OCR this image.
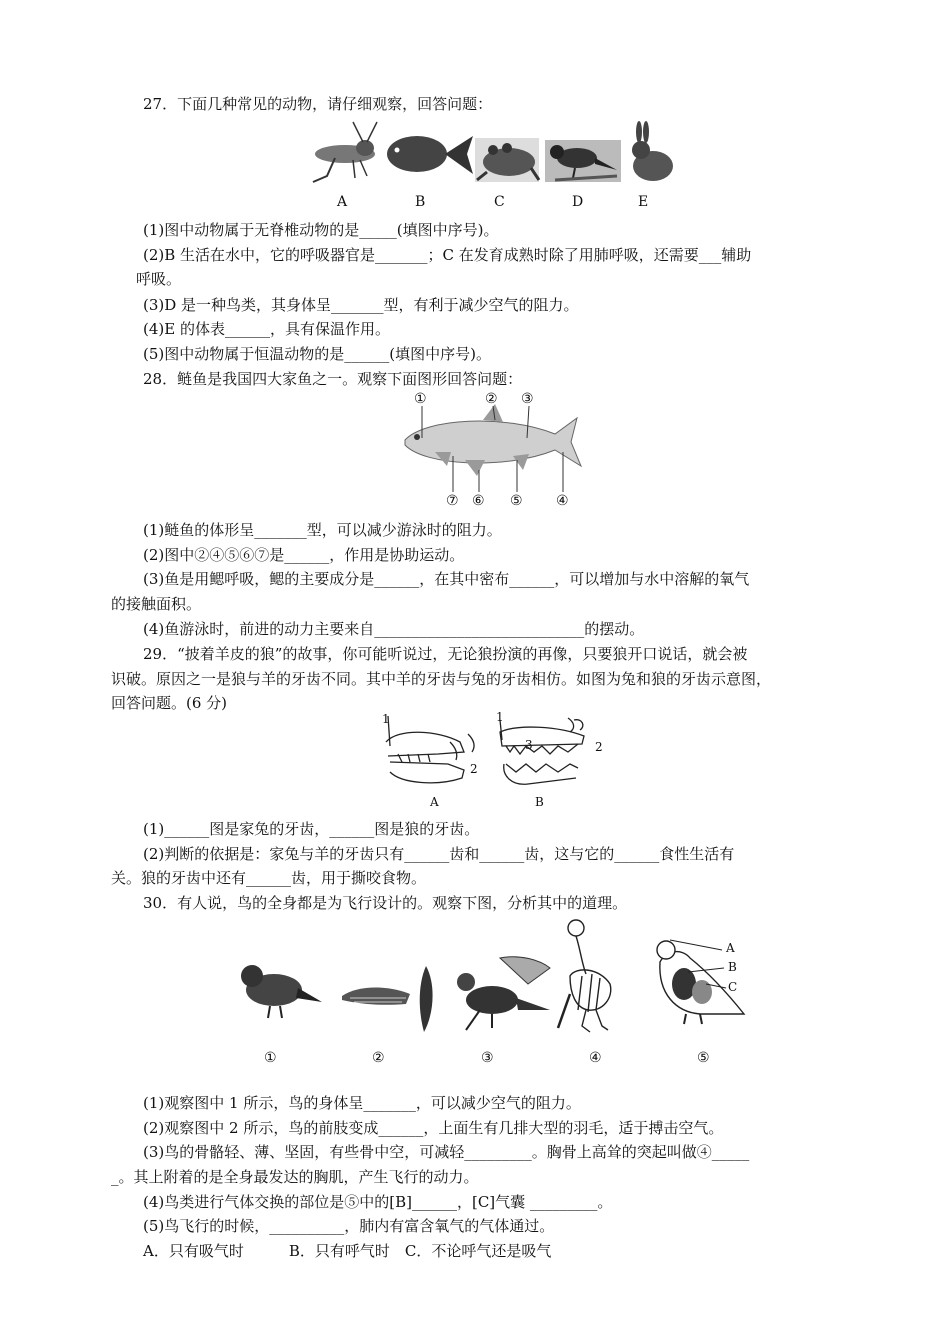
27．下面几种常见的动物，请仔细观察，回答问题：
A	B	C	D	E
(1)图中动物属于无脊椎动物的是_____(填图中序号)。
(2)B 生活在水中，它的呼吸器官是_______；C 在发育成熟时除了用肺呼吸，还需要___辅助
呼吸。
(3)D 是一种鸟类，其身体呈_______型，有利于减少空气的阻力。
(4)E 的体表______，具有保温作用。
(5)图中动物属于恒温动物的是______(填图中序号)。
28．鲢鱼是我国四大家鱼之一。观察下面图形回答问题：
①	② ③
⑦ ⑥ ⑤ ④
(1)鲢鱼的体形呈_______型，可以减少游泳时的阻力。
(2)图中②④⑤⑥⑦是______，作用是协助运动。
(3)鱼是用鳃呼吸，鳃的主要成分是______，在其中密布______，可以增加与水中溶解的氧气
的接触面积。
(4)鱼游泳时，前进的动力主要来自____________________________的摆动。
29．“披着羊皮的狼”的故事，你可能听说过，无论狼扮演的再像，只要狼开口说话，就会被
识破。原因之一是狼与羊的牙齿不同。其中羊的牙齿与兔的牙齿相仿。如图为兔和狼的牙齿示意图，
回答问题。(6 分)
1
2
1
2
3
A	B
(1)______图是家兔的牙齿，______图是狼的牙齿。
(2)判断的依据是：家兔与羊的牙齿只有______齿和______齿，这与它的______食性生活有
关。狼的牙齿中还有______齿，用于撕咬食物。
30．有人说，鸟的全身都是为飞行设计的。观察下图，分析其中的道理。
A
B
C
①	②	③	④	⑤
(1)观察图中 1 所示，鸟的身体呈_______，可以减少空气的阻力。
(2)观察图中 2 所示，鸟的前肢变成______，上面生有几排大型的羽毛，适于搏击空气。
(3)鸟的骨骼轻、薄、坚固，有些骨中空，可减轻_________。胸骨上高耸的突起叫做④_____
_。其上附着的是全身最发达的胸肌，产生飞行的动力。
(4)鸟类进行气体交换的部位是⑤中的[B]______，[C]气囊 _________。
(5)鸟飞行的时候，__________，肺内有富含氧气的气体通过。
A．只有吸气时　　　B．只有呼气时　C．不论呼气还是吸气
